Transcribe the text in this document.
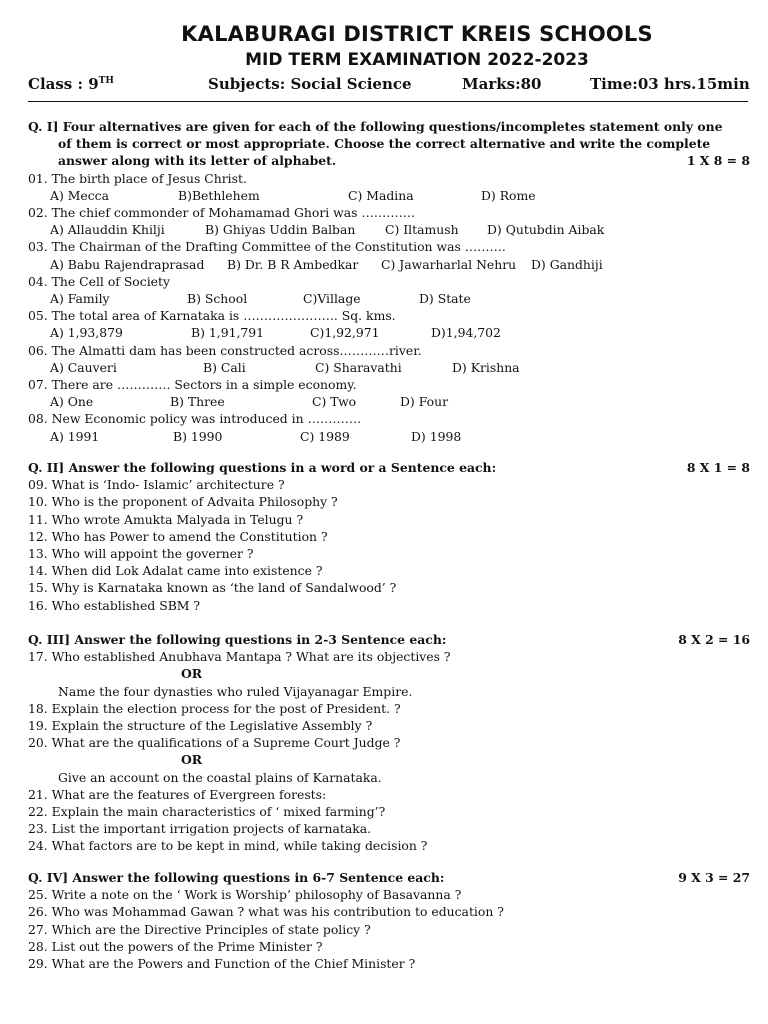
KALABURAGI DISTRICT KREIS SCHOOLS
MID TERM EXAMINATION 2022-2023
Class : 9TH	Subjects: Social Science	Marks:80	Time:03 hrs.15min
Q. I] Four alternatives are given for each of the following questions/incompletes statement only one
of them is correct or most appropriate. Choose the correct alternative and write the complete
answer along with its letter of alphabet.	1 X 8 = 8
01. The birth place of Jesus Christ.
A) Mecca	B)Bethlehem	C) Madina	D) Rome
02. The chief commonder of Mohamamad Ghori was ………….
A) Allauddin Khilji	B) Ghiyas Uddin Balban C) Iltamush D) Qutubdin Aibak
03. The Chairman of the Drafting Committee of the Constitution was ……….
A) Babu Rajendraprasad B) Dr. B R Ambedkar C) Jawarharlal Nehru D) Gandhiji
04. The Cell of Society
A) Family	B) School	C)Village	D) State
05. The total area of Karnataka is ………………….. Sq. kms.
A) 1,93,879	B) 1,91,791	C)1,92,971	D)1,94,702
06. The Almatti dam has been constructed across…………river.
A) Cauveri	B) Cali	C) Sharavathi	D) Krishna
07. There are …………. Sectors in a simple economy.
A) One	B) Three	C) Two	D) Four
08. New Economic policy was introduced in ………….
A) 1991	B) 1990	C) 1989	D) 1998
Q. II] Answer the following questions in a word or a Sentence each:	8 X 1 = 8
09. What is ‘Indo- Islamic’ architecture ?
10. Who is the proponent of Advaita Philosophy ?
11. Who wrote Amukta Malyada in Telugu ?
12. Who has Power to amend the Constitution ?
13. Who will appoint the governer ?
14. When did Lok Adalat came into existence ?
15. Why is Karnataka known as ‘the land of Sandalwood’ ?
16. Who established SBM ?
Q. III] Answer the following questions in 2-3 Sentence each:	8 X 2 = 16
17. Who established Anubhava Mantapa ? What are its objectives ?
OR
Name the four dynasties who ruled Vijayanagar Empire.
18. Explain the election process for the post of President. ?
19. Explain the structure of the Legislative Assembly ?
20. What are the qualifications of a Supreme Court Judge ?
OR
Give an account on the coastal plains of Karnataka.
21. What are the features of Evergreen forests:
22. Explain the main characteristics of ‘ mixed farming’?
23. List the important irrigation projects of karnataka.
24. What factors are to be kept in mind, while taking decision ?
Q. IV] Answer the following questions in 6-7 Sentence each:	9 X 3 = 27
25. Write a note on the ‘ Work is Worship’ philosophy of Basavanna ?
26. Who was Mohammad Gawan ? what was his contribution to education ?
27. Which are the Directive Principles of state policy ?
28. List out the powers of the Prime Minister ?
29. What are the Powers and Function of the Chief Minister ?
